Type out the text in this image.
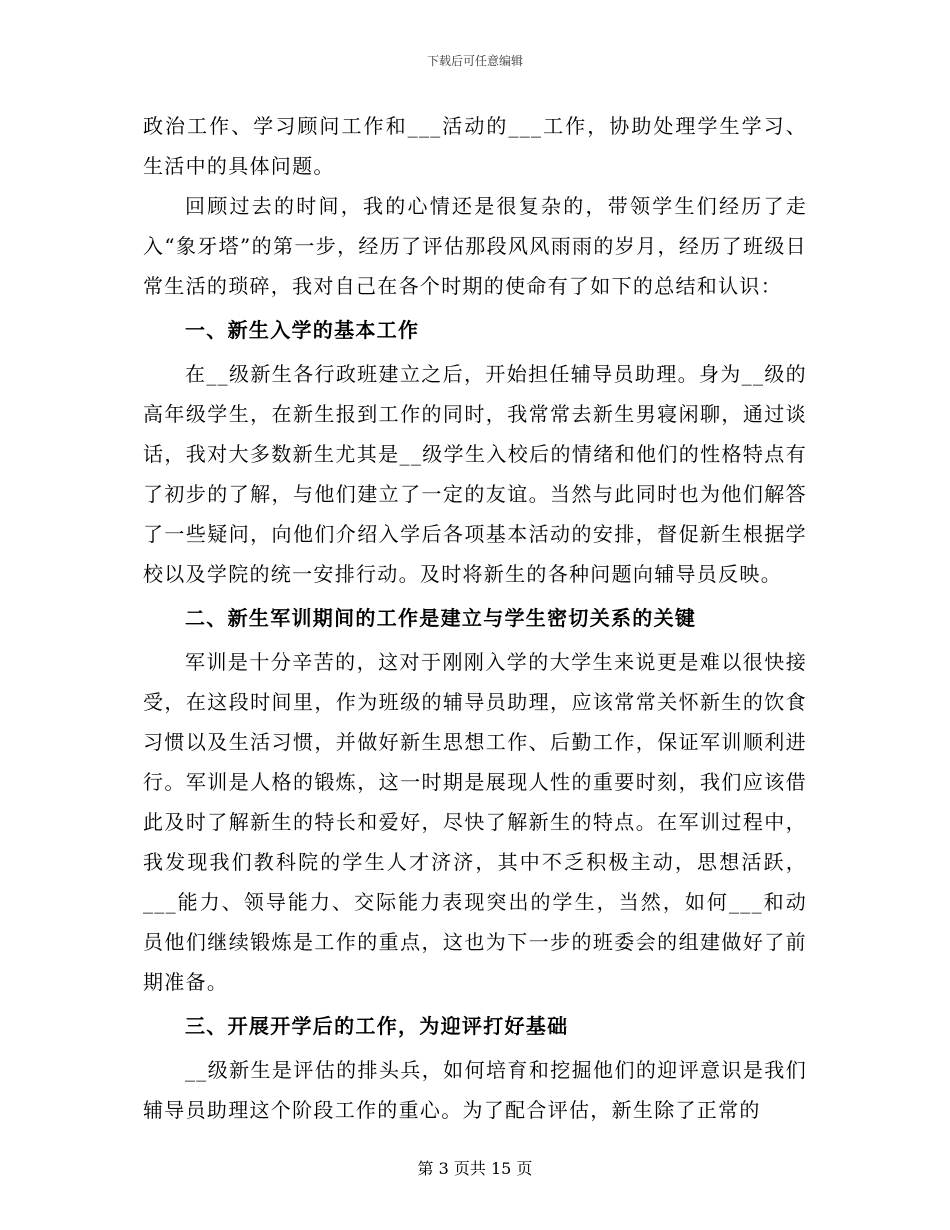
下载后可任意编辑

政治工作、学习顾问工作和___活动的___工作，协助处理学生学习、生活中的具体问题。

回顾过去的时间，我的心情还是很复杂的，带领学生们经历了走入“象牙塔”的第一步，经历了评估那段风风雨雨的岁月，经历了班级日常生活的琐碎，我对自己在各个时期的使命有了如下的总结和认识：

一、新生入学的基本工作

在__级新生各行政班建立之后，开始担任辅导员助理。身为__级的高年级学生，在新生报到工作的同时，我常常去新生男寝闲聊，通过谈话，我对大多数新生尤其是__级学生入校后的情绪和他们的性格特点有了初步的了解，与他们建立了一定的友谊。当然与此同时也为他们解答了一些疑问，向他们介绍入学后各项基本活动的安排，督促新生根据学校以及学院的统一安排行动。及时将新生的各种问题向辅导员反映。

二、新生军训期间的工作是建立与学生密切关系的关键

军训是十分辛苦的，这对于刚刚入学的大学生来说更是难以很快接受，在这段时间里，作为班级的辅导员助理，应该常常关怀新生的饮食习惯以及生活习惯，并做好新生思想工作、后勤工作，保证军训顺利进行。军训是人格的锻炼，这一时期是展现人性的重要时刻，我们应该借此及时了解新生的特长和爱好，尽快了解新生的特点。在军训过程中，我发现我们教科院的学生人才济济，其中不乏积极主动，思想活跃，___能力、领导能力、交际能力表现突出的学生，当然，如何___和动员他们继续锻炼是工作的重点，这也为下一步的班委会的组建做好了前期准备。

三、开展开学后的工作，为迎评打好基础

__级新生是评估的排头兵，如何培育和挖掘他们的迎评意识是我们辅导员助理这个阶段工作的重心。为了配合评估，新生除了正常的

第 3 页共 15 页
